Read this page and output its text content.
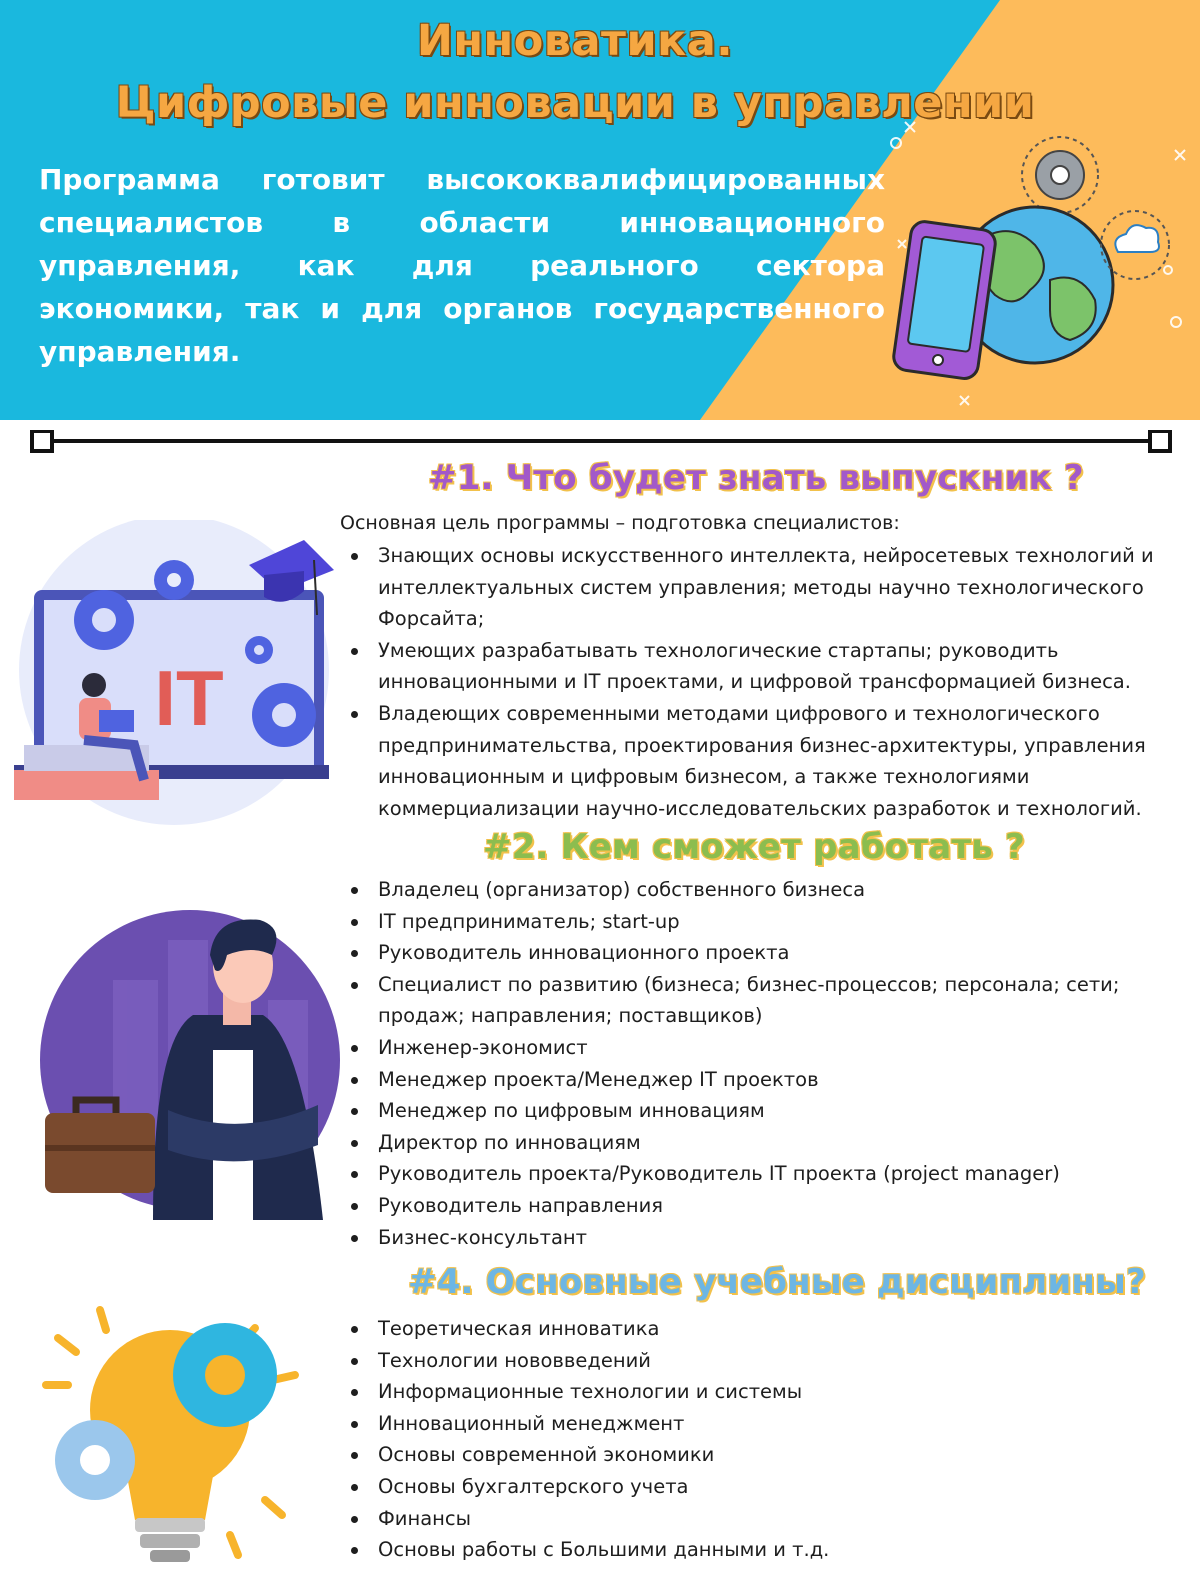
Инноватика.
Цифровые инновации в управлении

Программа готовит высококвалифицированных специалистов в области инновационного управления, как для реального сектора экономики, так и для органов государственного управления.

#1. Что будет знать выпускник ?

Основная цель программы – подготовка специалистов:

Знающих основы искусственного интеллекта, нейросетевых технологий и интеллектуальных систем управления; методы научно технологического Форсайта;
Умеющих разрабатывать технологические стартапы; руководить инновационными и IT проектами, и цифровой трансформацией бизнеса.
Владеющих современными методами цифрового и технологического предпринимательства, проектирования бизнес-архитектуры, управления инновационным и цифровым бизнесом, а также технологиями коммерциализации научно-исследовательских разработок и технологий.
IT
#2. Кем сможет работать ?
Владелец (организатор) собственного бизнеса
IT предприниматель; start-up
Руководитель инновационного проекта
Специалист по развитию (бизнеса; бизнес-процессов; персонала; сети; продаж; направления; поставщиков)
Инженер-экономист
Менеджер проекта/Менеджер IT проектов
Менеджер по цифровым инновациям
Директор по инновациям
Руководитель проекта/Руководитель IT проекта (project manager)
Руководитель направления
Бизнес-консультант
#4. Основные учебные дисциплины?
Теоретическая инноватика
Технологии нововведений
Информационные технологии и системы
Инновационный менеджмент
Основы современной экономики
Основы бухгалтерского учета
Финансы
Основы работы с Большими данными и т.д.
